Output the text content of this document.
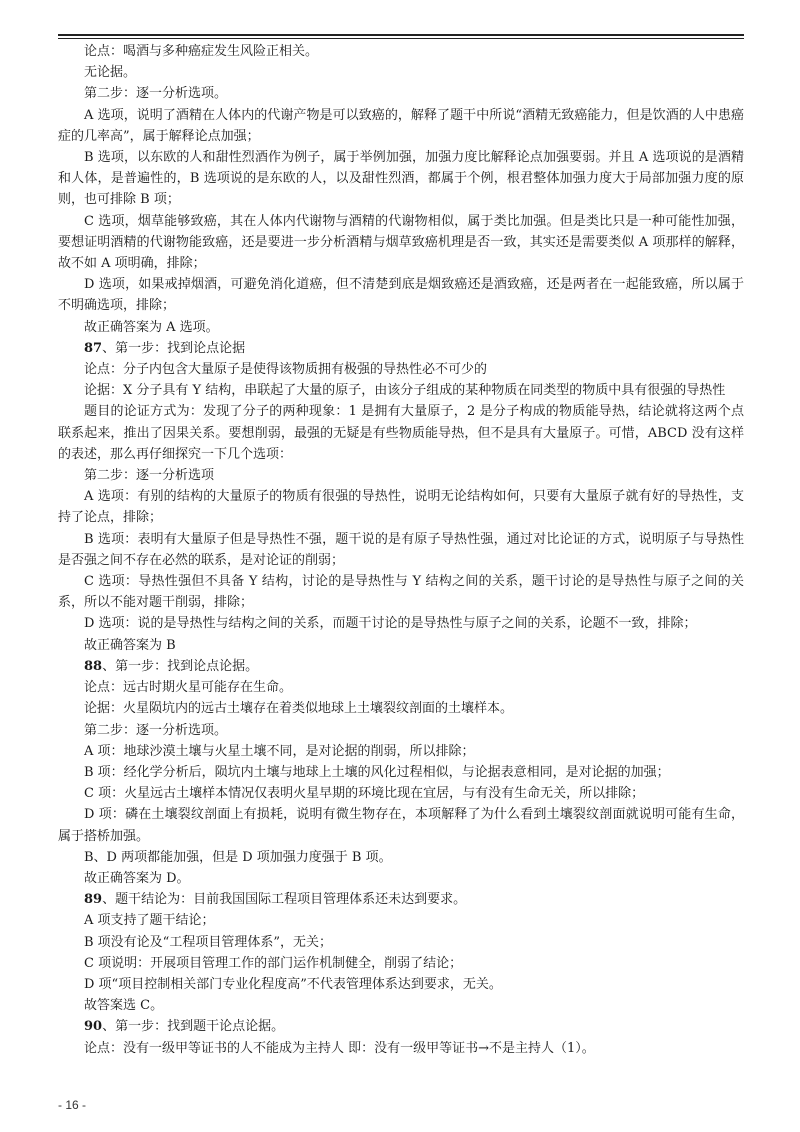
论点：喝酒与多种癌症发生风险正相关。

无论据。

第二步：逐一分析选项。

A 选项，说明了酒精在人体内的代谢产物是可以致癌的，解释了题干中所说“酒精无致癌能力，但是饮酒的人中患癌症的几率高”，属于解释论点加强；

B 选项，以东欧的人和甜性烈酒作为例子，属于举例加强，加强力度比解释论点加强要弱。并且 A 选项说的是酒精和人体，是普遍性的，B 选项说的是东欧的人，以及甜性烈酒，都属于个例，根君整体加强力度大于局部加强力度的原则，也可排除 B 项；

C 选项，烟草能够致癌，其在人体内代谢物与酒精的代谢物相似，属于类比加强。但是类比只是一种可能性加强，要想证明酒精的代谢物能致癌，还是要进一步分析酒精与烟草致癌机理是否一致，其实还是需要类似 A 项那样的解释，故不如 A 项明确，排除；

D 选项，如果戒掉烟酒，可避免消化道癌，但不清楚到底是烟致癌还是酒致癌，还是两者在一起能致癌，所以属于不明确选项，排除；

故正确答案为 A 选项。

87、第一步：找到论点论据

论点：分子内包含大量原子是使得该物质拥有极强的导热性必不可少的

论据：X 分子具有 Y 结构，串联起了大量的原子，由该分子组成的某种物质在同类型的物质中具有很强的导热性

题目的论证方式为：发现了分子的两种现象：1 是拥有大量原子，2 是分子构成的物质能导热，结论就将这两个点联系起来，推出了因果关系。要想削弱，最强的无疑是有些物质能导热，但不是具有大量原子。可惜，ABCD 没有这样的表述，那么再仔细探究一下几个选项：

第二步：逐一分析选项

A 选项：有别的结构的大量原子的物质有很强的导热性，说明无论结构如何，只要有大量原子就有好的导热性，支持了论点，排除；

B 选项：表明有大量原子但是导热性不强，题干说的是有原子导热性强，通过对比论证的方式，说明原子与导热性是否强之间不存在必然的联系，是对论证的削弱；

C 选项：导热性强但不具备 Y 结构，讨论的是导热性与 Y 结构之间的关系，题干讨论的是导热性与原子之间的关系，所以不能对题干削弱，排除；

D 选项：说的是导热性与结构之间的关系，而题干讨论的是导热性与原子之间的关系，论题不一致，排除；

故正确答案为 B

88、第一步：找到论点论据。

论点：远古时期火星可能存在生命。

论据：火星陨坑内的远古土壤存在着类似地球上土壤裂纹剖面的土壤样本。

第二步：逐一分析选项。

A 项：地球沙漠土壤与火星土壤不同，是对论据的削弱，所以排除；

B 项：经化学分析后，陨坑内土壤与地球上土壤的风化过程相似，与论据表意相同，是对论据的加强；

C 项：火星远古土壤样本情况仅表明火星早期的环境比现在宜居，与有没有生命无关，所以排除；

D 项：磷在土壤裂纹剖面上有损耗，说明有微生物存在，本项解释了为什么看到土壤裂纹剖面就说明可能有生命，属于搭桥加强。

B、D 两项都能加强，但是 D 项加强力度强于 B 项。

故正确答案为 D。

89、题干结论为：目前我国国际工程项目管理体系还未达到要求。

A 项支持了题干结论；

B 项没有论及“工程项目管理体系”，无关；

C 项说明：开展项目管理工作的部门运作机制健全，削弱了结论；

D 项“项目控制相关部门专业化程度高”不代表管理体系达到要求，无关。

故答案选 C。

90、第一步：找到题干论点论据。

论点：没有一级甲等证书的人不能成为主持人 即：没有一级甲等证书→不是主持人（1）。

- 16 -
